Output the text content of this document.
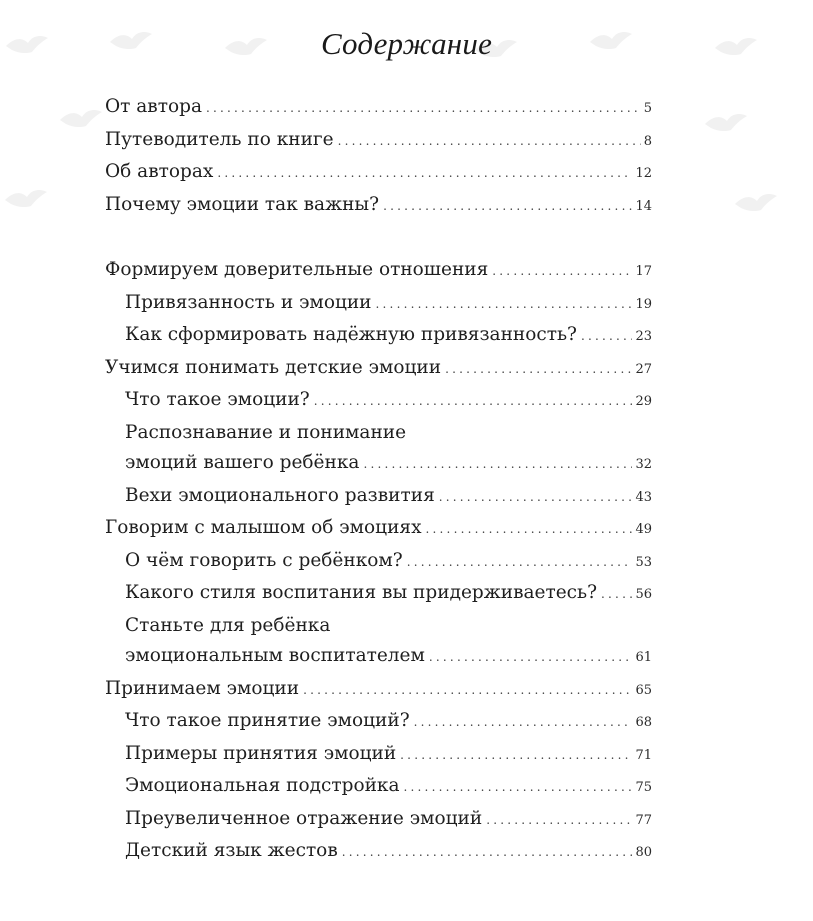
Содержание
От автора .....	5
Путеводитель по книге .....	8
Об авторах .....	12
Почему эмоции так важны? .....	14
Формируем доверительные отношения .....	17
Привязанность и эмоции .....	19
Как сформировать надёжную привязанность? .....	23
Учимся понимать детские эмоции .....	27
Что такое эмоции? .....	29
Распознавание и понимание
эмоций вашего ребёнка .....	32
Вехи эмоционального развития .....	43
Говорим с малышом об эмоциях .....	49
О чём говорить с ребёнком? .....	53
Какого стиля воспитания вы придерживаетесь? .....	56
Станьте для ребёнка
эмоциональным воспитателем .....	61
Принимаем эмоции .....	65
Что такое принятие эмоций? .....	68
Примеры принятия эмоций .....	71
Эмоциональная подстройка .....	75
Преувеличенное отражение эмоций .....	77
Детский язык жестов .....	80
